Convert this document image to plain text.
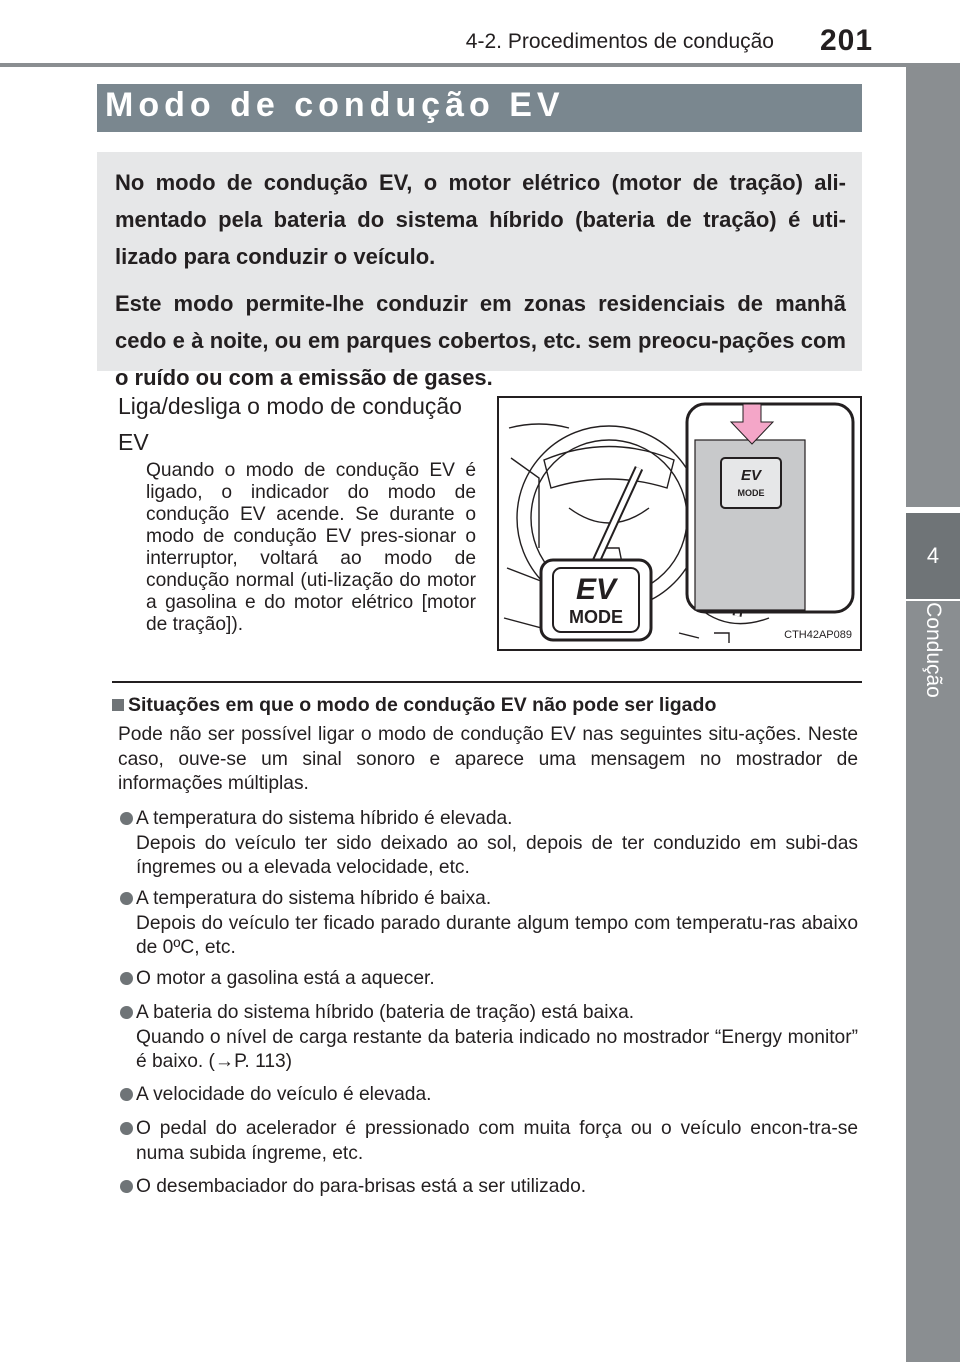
4-2. Procedimentos de condução 201
4
Condução
Modo de condução EV

No modo de condução EV, o motor elétrico (motor de tração) ali-mentado pela bateria do sistema híbrido (bateria de tração) é uti-lizado para conduzir o veículo.

Este modo permite-lhe conduzir em zonas residenciais de manhã cedo e à noite, ou em parques cobertos, etc. sem preocu-pações com o ruído ou com a emissão de gases.

Liga/desliga o modo de condução EV
Quando o modo de condução EV é ligado, o indicador do modo de condução EV acende. Se durante o modo de condução EV pres-sionar o interruptor, voltará ao modo de condução normal (uti-lização do motor a gasolina e do motor elétrico [motor de tração]).
EV
MODE
EV
MODE
CTH42AP089
Situações em que o modo de condução EV não pode ser ligado
Pode não ser possível ligar o modo de condução EV nas seguintes situ-ações. Neste caso, ouve-se um sinal sonoro e aparece uma mensagem no mostrador de informações múltiplas.
A temperatura do sistema híbrido é elevada.
Depois do veículo ter sido deixado ao sol, depois de ter conduzido em subi-das íngremes ou a elevada velocidade, etc.
A temperatura do sistema híbrido é baixa.
Depois do veículo ter ficado parado durante algum tempo com temperatu-ras abaixo de 0ºC, etc.
O motor a gasolina está a aquecer.
A bateria do sistema híbrido (bateria de tração) está baixa.
Quando o nível de carga restante da bateria indicado no mostrador “Energy monitor” é baixo. (→P. 113)
A velocidade do veículo é elevada.
O pedal do acelerador é pressionado com muita força ou o veículo encon-tra-se numa subida íngreme, etc.
O desembaciador do para-brisas está a ser utilizado.
